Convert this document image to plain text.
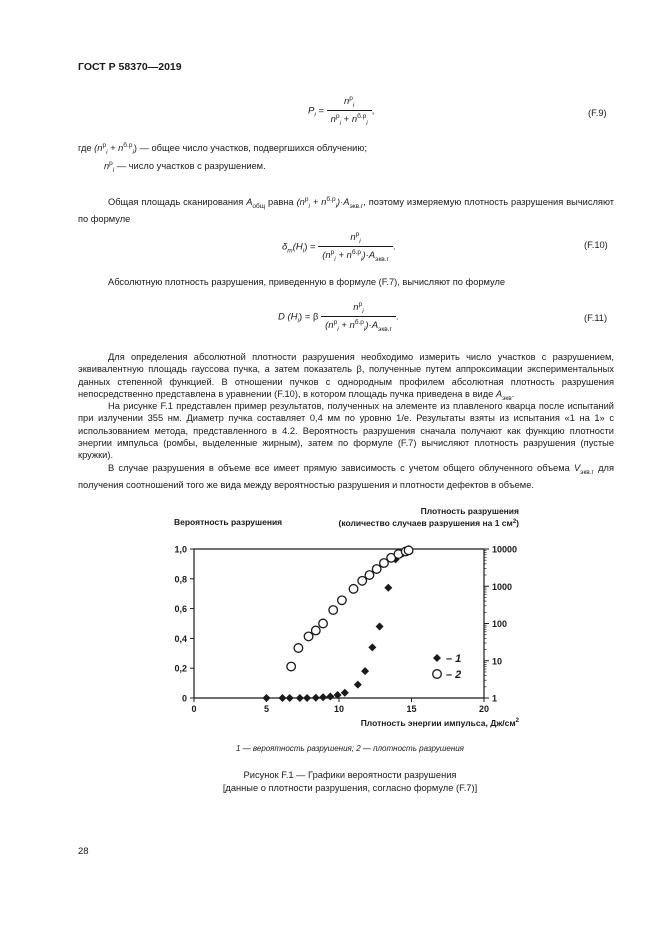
ГОСТ Р 58370—2019
$P_i = \frac{n^р_i}{n^р_i + n^{б.р}_i}$ ,	(F.9)
где $(n^р_i + n^{б.р}_i)$ — общее число участков, подвергшихся облучению;
$n^р_i$ — число участков с разрушением.
Общая площадь сканирования $A_{общ}$ равна $(n^р_i + n^{б.р}_i)\cdot A_{экв.г}$, поэтому измеряемую плотность разрушения вычисляют по формуле
$\delta_m(H_i) = \frac{n^р_i}{(n^р_i + n^{б.р}_i)\cdot A_{экв.г}}$ .	(F.10)
Абсолютную плотность разрушения, приведенную в формуле (F.7), вычисляют по формуле
D $(H_i) = \beta \frac{n^р_i}{(n^р_i + n^{б.р}_i)\cdot A_{экв.г}}$ .	(F.11)
Для определения абсолютной плотности разрушения необходимо измерить число участков с разрушением, эквивалентную площадь гауссова пучка, а затем показатель β, полученные путем аппроксимации экспериментальных данных степенной функцией. В отношении пучков с однородным профилем абсолютная плотность разрушения непосредственно представлена в уравнении (F.10), в котором площадь пучка приведена в виде $A_{экв}$.
На рисунке F.1 представлен пример результатов, полученных на элементе из плавленого кварца после испытаний при излучении 355 нм. Диаметр пучка составляет 0,4 мм по уровню 1/e. Результаты взяты из испытания «1 на 1» с использованием метода, представленного в 4.2. Вероятность разрушения сначала получают как функцию плотности энергии импульса (ромбы, выделенные жирным), затем по формуле (F.7) вычисляют плотность разрушения (пустые кружки).
В случае разрушения в объеме все имеет прямую зависимость с учетом общего облученного объема $V_{экв.г}$ для получения соотношений того же вида между вероятностью разрушения и плотности дефектов в объеме.
0	5	10	15	20
0
0,2
0,4
0,6
0,8
1,0
1
10
100
1000
10000
Вероятность разрушения
Плотность разрушения
(количество случаев разрушения на 1 $см^2$)
Плотность энергии импульса, $Дж/см^2$
– 1
– 2
1 — вероятность разрушения; 2 — плотность разрушения
Рисунок F.1 — Графики вероятности разрушения
[данные о плотности разрушения, согласно формуле (F.7)]
28
